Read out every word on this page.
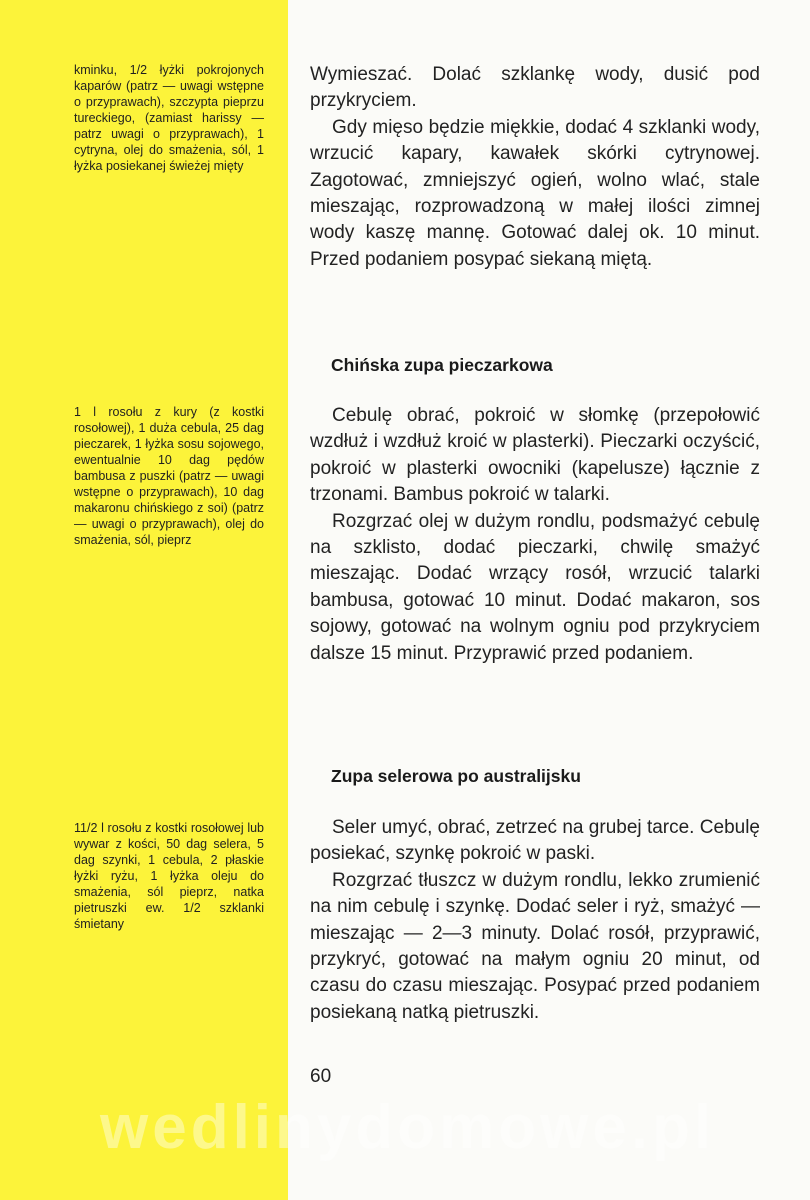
kminku, 1/2 łyżki pokrojonych kaparów (patrz — uwagi wstępne o przyprawach), szczypta pieprzu tureckiego, (zamiast harissy — patrz uwagi o przyprawach), 1 cytryna, olej do smażenia, sól, 1 łyżka posiekanej świeżej mięty
1 l rosołu z kury (z kostki rosołowej), 1 duża cebula, 25 dag pieczarek, 1 łyżka sosu sojowego, ewentualnie 10 dag pędów bambusa z puszki (patrz — uwagi wstępne o przyprawach), 10 dag makaronu chińskiego z soi) (patrz — uwagi o przyprawach), olej do smażenia, sól, pieprz
11/2 l rosołu z kostki rosołowej lub wywar z kości, 50 dag selera, 5 dag szynki, 1 cebula, 2 płaskie łyżki ryżu, 1 łyżka oleju do smażenia, sól pieprz, natka pietruszki ew. 1/2 szklanki śmietany

Wymieszać. Dolać szklankę wody, dusić pod przykryciem.

Gdy mięso będzie miękkie, dodać 4 szklanki wody, wrzucić kapary, kawałek skórki cytrynowej. Zagotować, zmniejszyć ogień, wolno wlać, stale mieszając, rozprowadzoną w małej ilości zimnej wody kaszę mannę. Gotować dalej ok. 10 minut. Przed podaniem posypać siekaną miętą.

Chińska zupa pieczarkowa

Cebulę obrać, pokroić w słomkę (przepołowić wzdłuż i wzdłuż kroić w plasterki). Pieczarki oczyścić, pokroić w plasterki owocniki (kapelusze) łącznie z trzonami. Bambus pokroić w talarki.

Rozgrzać olej w dużym rondlu, podsmażyć cebulę na szklisto, dodać pieczarki, chwilę smażyć mieszając. Dodać wrzący rosół, wrzucić talarki bambusa, gotować 10 minut. Dodać makaron, sos sojowy, gotować na wolnym ogniu pod przykryciem dalsze 15 minut. Przyprawić przed podaniem.

Zupa selerowa po australijsku

Seler umyć, obrać, zetrzeć na grubej tarce. Cebulę posiekać, szynkę pokroić w paski.

Rozgrzać tłuszcz w dużym rondlu, lekko zrumienić na nim cebulę i szynkę. Dodać seler i ryż, smażyć — mieszając — 2—3 minuty. Dolać rosół, przyprawić, przykryć, gotować na małym ogniu 20 minut, od czasu do czasu mieszając. Posypać przed podaniem posiekaną natką pietruszki.

60
wedlinydomowe.pl
